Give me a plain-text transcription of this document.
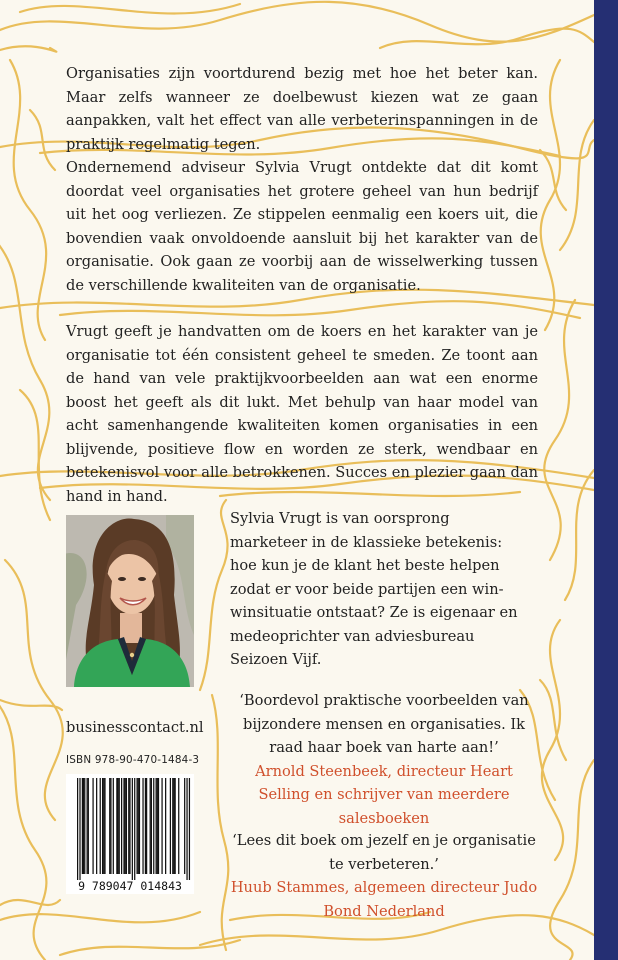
Organisaties zijn voortdurend bezig met hoe het beter kan. Maar zelfs wanneer ze doelbewust kiezen wat ze gaan aanpakken, valt het effect van alle verbeterinspanningen in de praktijk regelmatig tegen.

Ondernemend adviseur Sylvia Vrugt ontdekte dat dit komt doordat veel organisaties het grotere geheel van hun bedrijf uit het oog verliezen. Ze stippelen eenmalig een koers uit, die bovendien vaak onvoldoende aansluit bij het karakter van de organisatie. Ook gaan ze voorbij aan de wisselwerking tussen de verschillende kwaliteiten van de organisatie.

Vrugt geeft je handvatten om de koers en het karakter van je organisatie tot één consistent geheel te smeden. Ze toont aan de hand van vele praktijkvoorbeelden aan wat een enorme boost het geeft als dit lukt. Met behulp van haar model van acht samenhangende kwaliteiten komen organisaties in een blijvende, positieve flow en worden ze sterk, wendbaar en betekenisvol voor alle betrokkenen. Succes en plezier gaan dan hand in hand.

Sylvia Vrugt is van oorsprong marketeer in de klassieke betekenis: hoe kun je de klant het beste helpen zodat er voor beide partijen een win-winsituatie ontstaat? Ze is eigenaar en medeoprichter van adviesbureau Seizoen Vijf.

businesscontact.nl
ISBN 978-90-470-1484-3
9 789047 014843

‘Boordevol praktische voorbeelden van bijzondere mensen en organisaties. Ik raad haar boek van harte aan!’
Arnold Steenbeek, directeur Heart Selling en schrijver van meerdere salesboeken

‘Lees dit boek om jezelf en je organisatie te verbeteren.’
Huub Stammes, algemeen directeur Judo Bond Nederland
